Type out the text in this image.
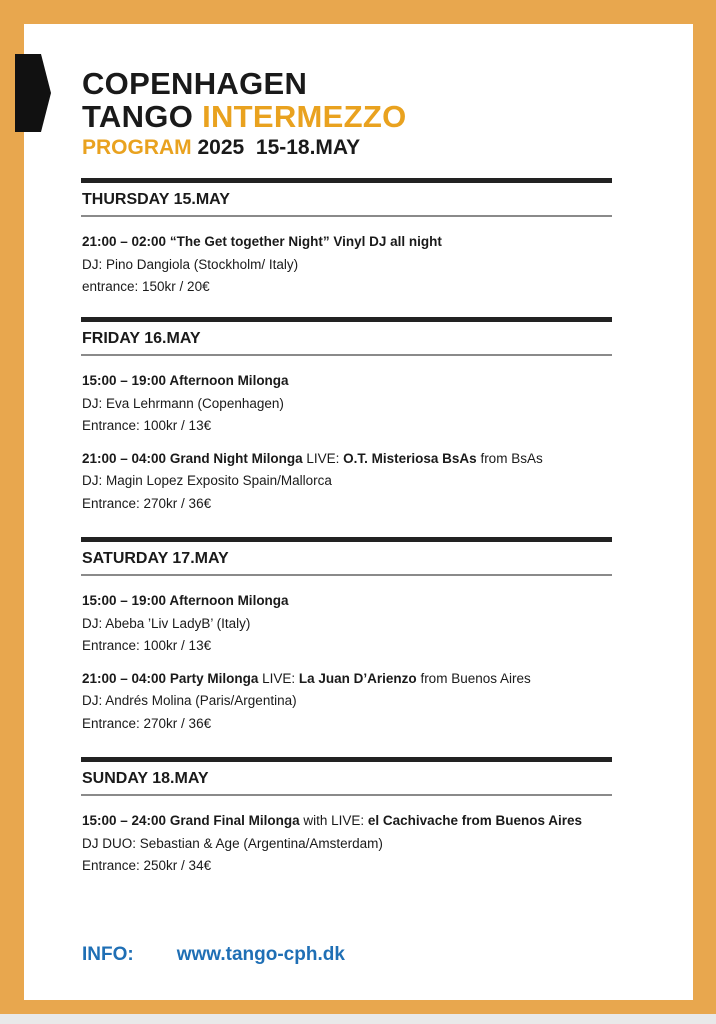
COPENHAGEN
TANGO INTERMEZZO
PROGRAM 2025  15-18.MAY
THURSDAY 15.MAY
21:00 – 02:00 “The Get together Night” Vinyl DJ all night
DJ: Pino Dangiola (Stockholm/ Italy)
entrance: 150kr / 20€
FRIDAY 16.MAY
15:00 – 19:00 Afternoon Milonga
DJ: Eva Lehrmann (Copenhagen)
Entrance: 100kr / 13€
21:00 – 04:00 Grand Night Milonga LIVE: O.T. Misteriosa BsAs from BsAs
DJ: Magin Lopez Exposito Spain/Mallorca
Entrance: 270kr / 36€
SATURDAY 17.MAY
15:00 – 19:00 Afternoon Milonga
DJ: Abeba ’Liv LadyB’ (Italy)
Entrance: 100kr / 13€
21:00 – 04:00 Party Milonga LIVE: La Juan D’Arienzo from Buenos Aires
DJ: Andrés Molina (Paris/Argentina)
Entrance: 270kr / 36€
SUNDAY 18.MAY
15:00 – 24:00 Grand Final Milonga with LIVE: el Cachivache from Buenos Aires
DJ DUO: Sebastian & Age (Argentina/Amsterdam)
Entrance: 250kr / 34€
INFO: www.tango-cph.dk
